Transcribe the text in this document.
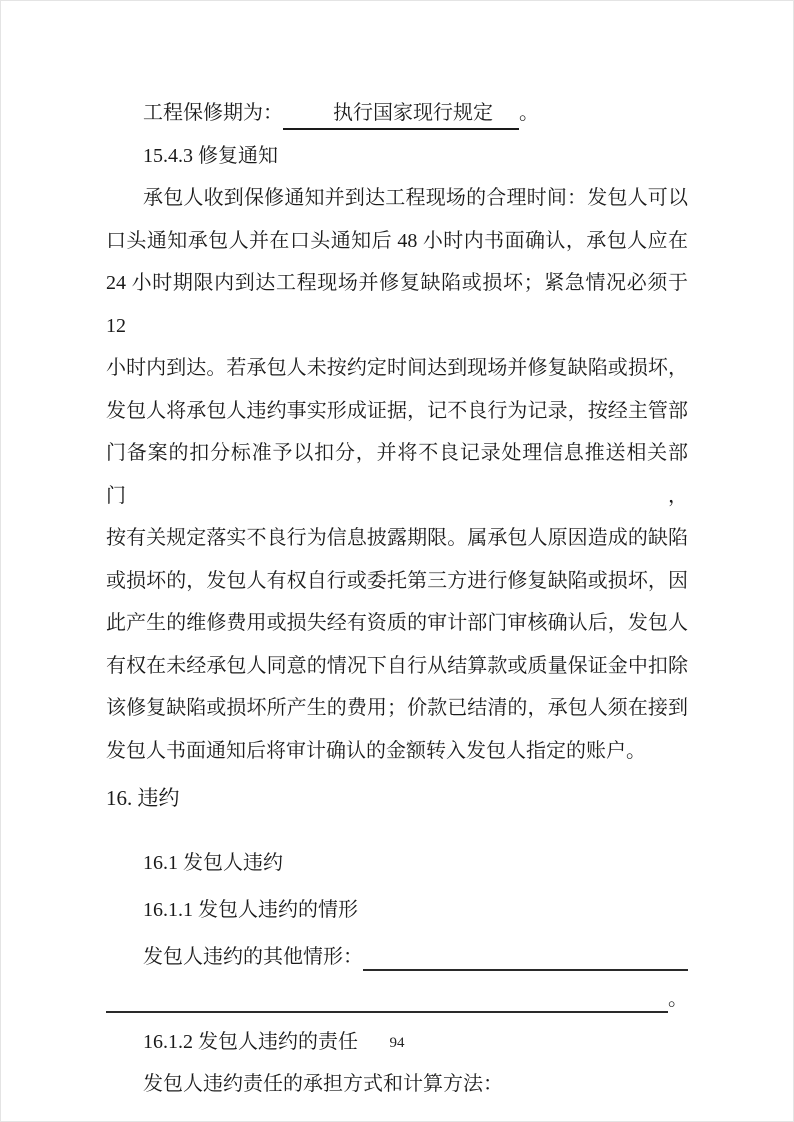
工程保修期为：	执行国家现行规定 。
15.4.3 修复通知
承包人收到保修通知并到达工程现场的合理时间：发包人可以
口头通知承包人并在口头通知后 48 小时内书面确认，承包人应在
24 小时期限内到达工程现场并修复缺陷或损坏；紧急情况必须于 12
小时内到达。若承包人未按约定时间达到现场并修复缺陷或损坏，
发包人将承包人违约事实形成证据，记不良行为记录，按经主管部
门备案的扣分标准予以扣分，并将不良记录处理信息推送相关部门，
按有关规定落实不良行为信息披露期限。属承包人原因造成的缺陷
或损坏的，发包人有权自行或委托第三方进行修复缺陷或损坏，因
此产生的维修费用或损失经有资质的审计部门审核确认后，发包人
有权在未经承包人同意的情况下自行从结算款或质量保证金中扣除
该修复缺陷或损坏所产生的费用；价款已结清的，承包人须在接到
发包人书面通知后将审计确认的金额转入发包人指定的账户。
16. 违约
16.1 发包人违约
16.1.1 发包人违约的情形
发包人违约的其他情形：
。
16.1.2 发包人违约的责任
发包人违约责任的承担方式和计算方法：
94
